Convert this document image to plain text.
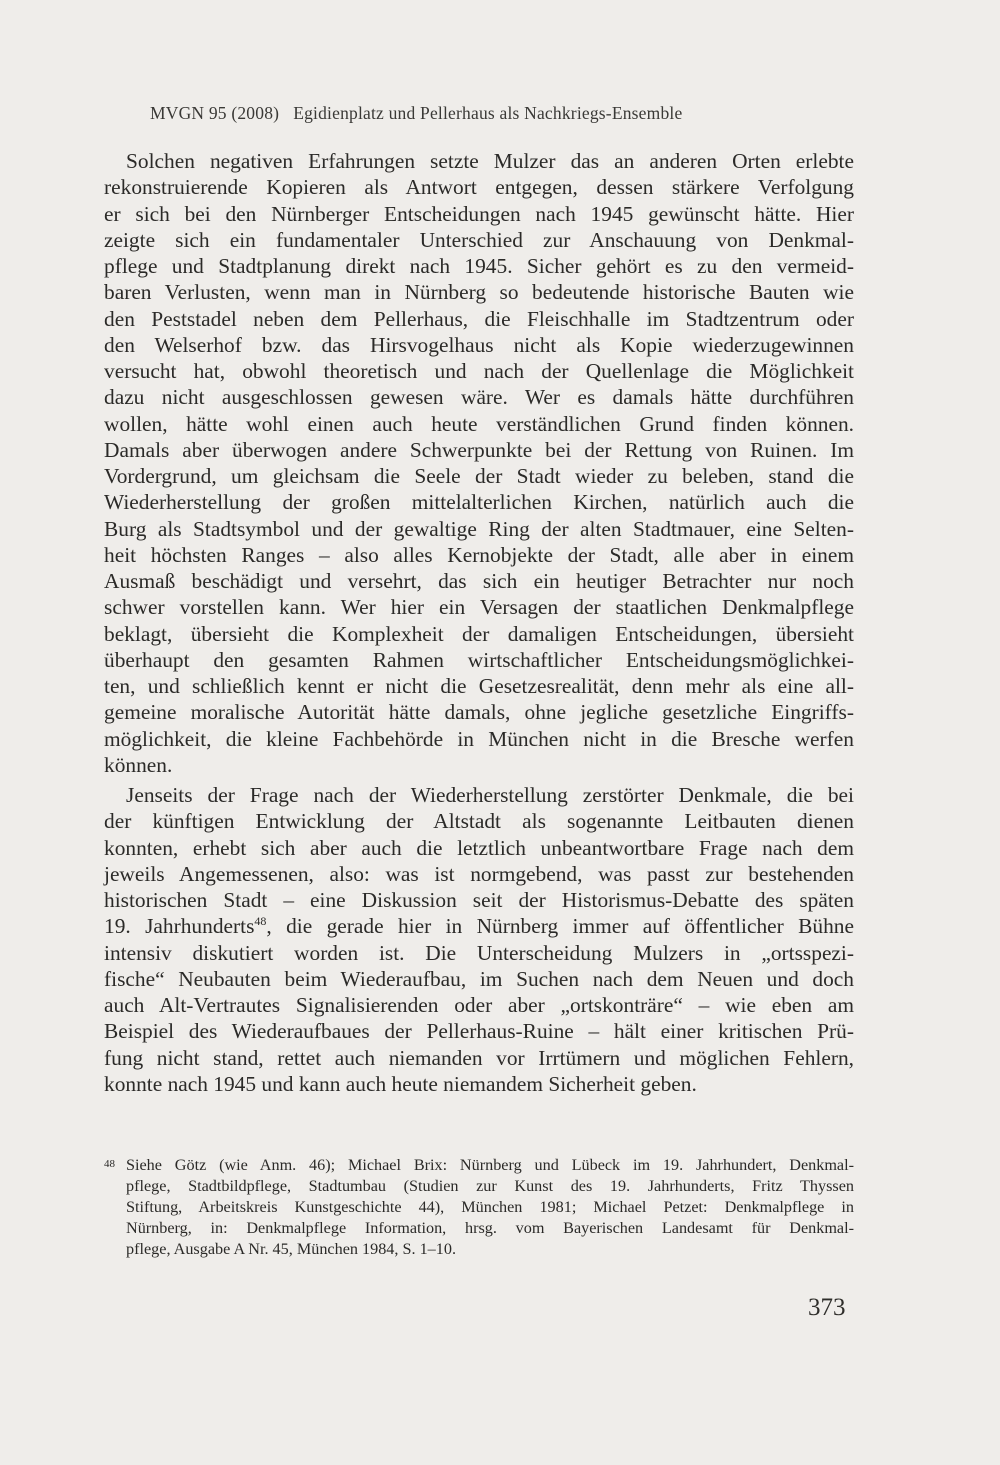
MVGN 95 (2008) Egidienplatz und Pellerhaus als Nachkriegs-Ensemble
Solchen negativen Erfahrungen setzte Mulzer das an anderen Orten erlebte
rekonstruierende Kopieren als Antwort entgegen, dessen stärkere Verfolgung
er sich bei den Nürnberger Entscheidungen nach 1945 gewünscht hätte. Hier
zeigte sich ein fundamentaler Unterschied zur Anschauung von Denkmal-
pflege und Stadtplanung direkt nach 1945. Sicher gehört es zu den vermeid-
baren Verlusten, wenn man in Nürnberg so bedeutende historische Bauten wie
den Peststadel neben dem Pellerhaus, die Fleischhalle im Stadtzentrum oder
den Welserhof bzw. das Hirsvogelhaus nicht als Kopie wiederzugewinnen
versucht hat, obwohl theoretisch und nach der Quellenlage die Möglichkeit
dazu nicht ausgeschlossen gewesen wäre. Wer es damals hätte durchführen
wollen, hätte wohl einen auch heute verständlichen Grund finden können.
Damals aber überwogen andere Schwerpunkte bei der Rettung von Ruinen. Im
Vordergrund, um gleichsam die Seele der Stadt wieder zu beleben, stand die
Wiederherstellung der großen mittelalterlichen Kirchen, natürlich auch die
Burg als Stadtsymbol und der gewaltige Ring der alten Stadtmauer, eine Selten-
heit höchsten Ranges – also alles Kernobjekte der Stadt, alle aber in einem
Ausmaß beschädigt und versehrt, das sich ein heutiger Betrachter nur noch
schwer vorstellen kann. Wer hier ein Versagen der staatlichen Denkmalpflege
beklagt, übersieht die Komplexheit der damaligen Entscheidungen, übersieht
überhaupt den gesamten Rahmen wirtschaftlicher Entscheidungsmöglichkei-
ten, und schließlich kennt er nicht die Gesetzesrealität, denn mehr als eine all-
gemeine moralische Autorität hätte damals, ohne jegliche gesetzliche Eingriffs-
möglichkeit, die kleine Fachbehörde in München nicht in die Bresche werfen
können.
Jenseits der Frage nach der Wiederherstellung zerstörter Denkmale, die bei
der künftigen Entwicklung der Altstadt als sogenannte Leitbauten dienen
konnten, erhebt sich aber auch die letztlich unbeantwortbare Frage nach dem
jeweils Angemessenen, also: was ist normgebend, was passt zur bestehenden
historischen Stadt – eine Diskussion seit der Historismus-Debatte des späten
19. Jahrhunderts$^{48}$, die gerade hier in Nürnberg immer auf öffentlicher Bühne
intensiv diskutiert worden ist. Die Unterscheidung Mulzers in „ortsspezi-
fische“ Neubauten beim Wiederaufbau, im Suchen nach dem Neuen und doch
auch Alt-Vertrautes Signalisierenden oder aber „ortskonträre“ – wie eben am
Beispiel des Wiederaufbaues der Pellerhaus-Ruine – hält einer kritischen Prü-
fung nicht stand, rettet auch niemanden vor Irrtümern und möglichen Fehlern,
konnte nach 1945 und kann auch heute niemandem Sicherheit geben.
48 Siehe Götz (wie Anm. 46); Michael Brix: Nürnberg und Lübeck im 19. Jahrhundert, Denkmal-
pflege, Stadtbildpflege, Stadtumbau (Studien zur Kunst des 19. Jahrhunderts, Fritz Thyssen
Stiftung, Arbeitskreis Kunstgeschichte 44), München 1981; Michael Petzet: Denkmalpflege in
Nürnberg, in: Denkmalpflege Information, hrsg. vom Bayerischen Landesamt für Denkmal-
pflege, Ausgabe A Nr. 45, München 1984, S. 1–10.
373
